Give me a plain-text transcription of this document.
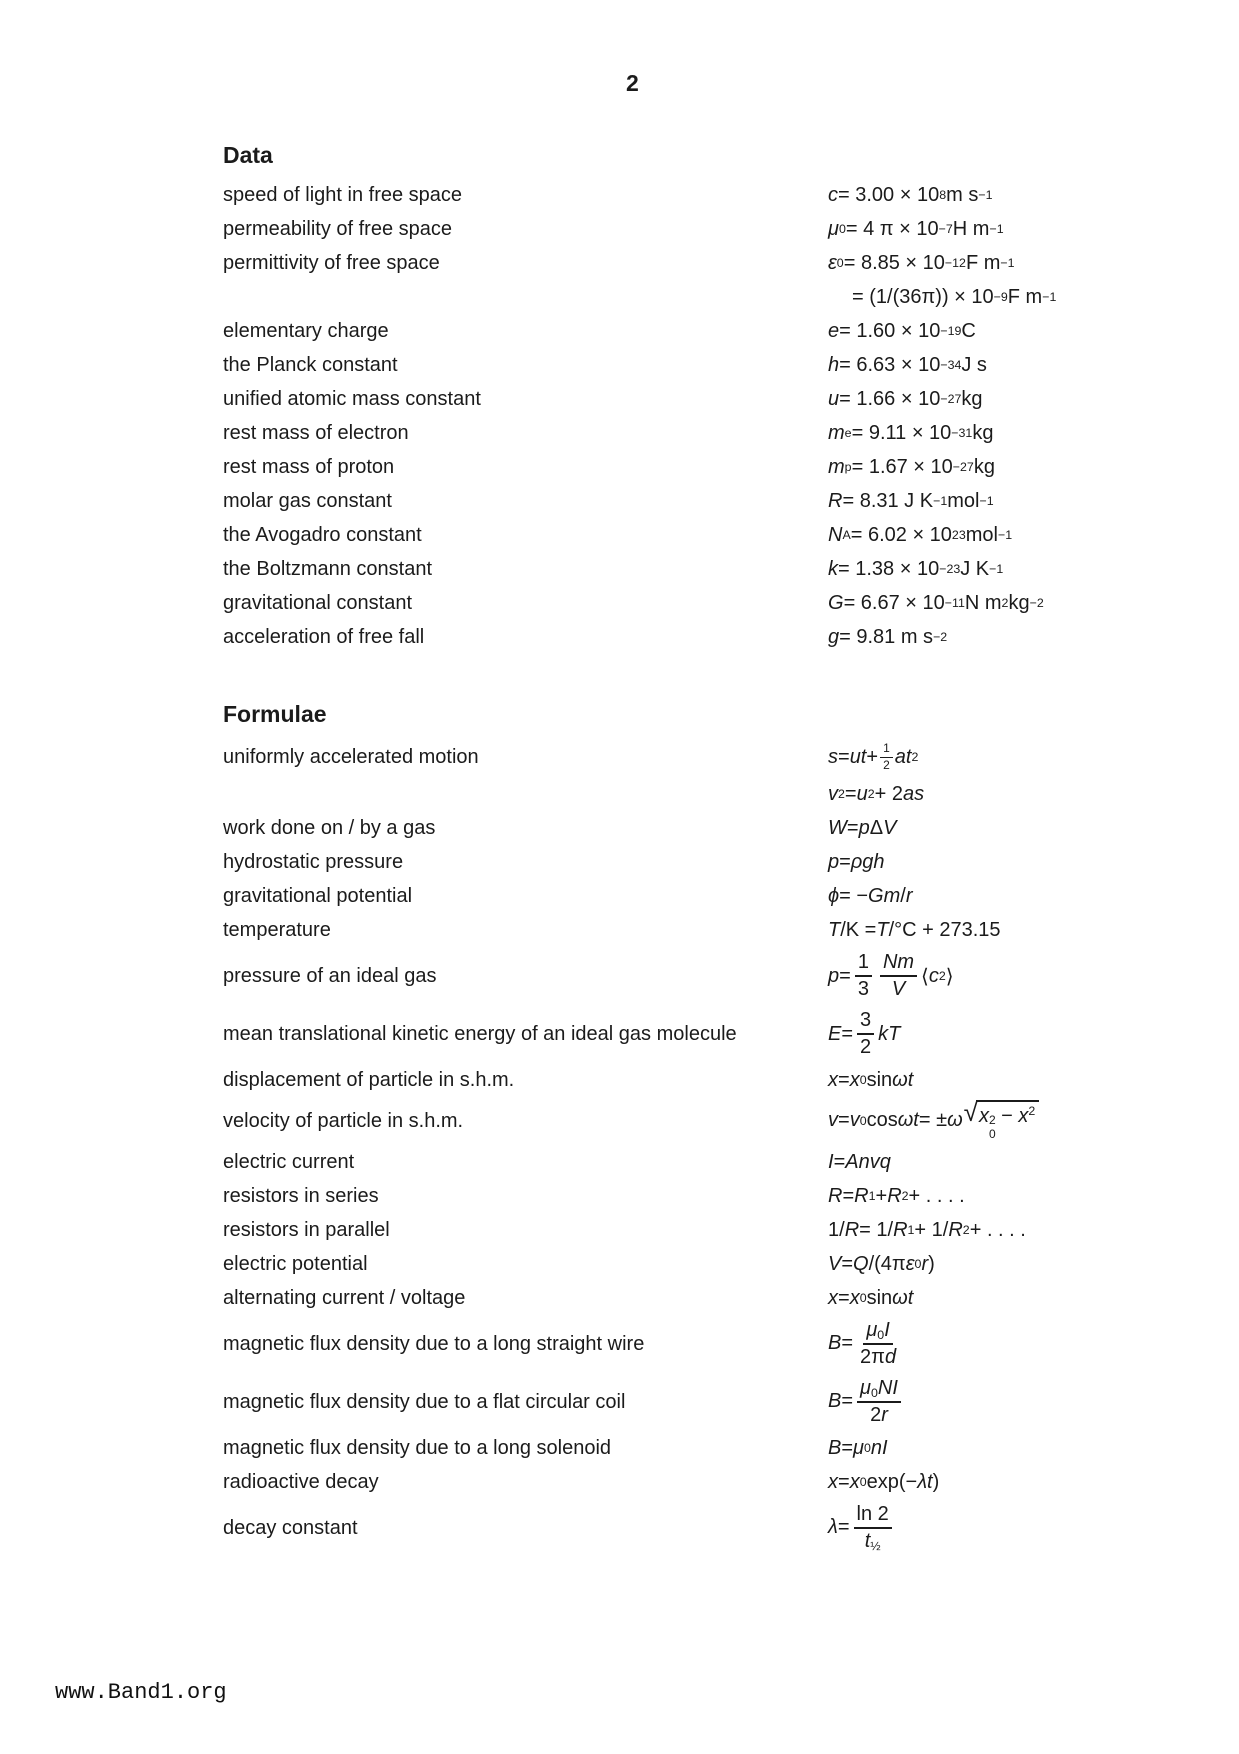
2
Data
speed of light in free space	c = 3.00 × 10 8 m s −1
permeability of free space	μ 0 = 4 π × 10 −7 H m −1
permittivity of free space	ε 0 = 8.85 × 10 −12 F m −1
= (1/(36π)) × 10 −9 F m −1
elementary charge	e = 1.60 × 10 −19 C
the Planck constant	h = 6.63 × 10 −34 J s
unified atomic mass constant	u = 1.66 × 10 −27 kg
rest mass of electron	m e = 9.11 × 10 −31 kg
rest mass of proton	m p = 1.67 × 10 −27 kg
molar gas constant	R = 8.31 J K −1 mol −1
the Avogadro constant	N A = 6.02 × 10 23 mol −1
the Boltzmann constant	k = 1.38 × 10 −23 J K −1
gravitational constant	G = 6.67 × 10 −11 N m 2 kg −2
acceleration of free fall	g = 9.81 m s −2
Formulae
uniformly accelerated motion	s = ut + $\frac{1}{2}$ at 2
v 2 = u 2 + 2 as
work done on / by a gas	W = p Δ V
hydrostatic pressure	p = ρgh
gravitational potential	ϕ = − Gm / r
temperature	T /K = T /°C + 273.15
pressure of an ideal gas	$p = \frac{1}{3} \frac{Nm}{V}$ ⟨ c 2 ⟩
mean translational kinetic energy of an ideal gas molecule	$E = \frac{3}{2}$ kT
displacement of particle in s.h.m.	x = x 0 sin ωt
velocity of particle in s.h.m.	v = v 0 cos ωt = ± ω √ x 2
0
− $x^2$
electric current	I = Anvq
resistors in series	R = R 1 + R 2 + . . . .
resistors in parallel	1/ R = 1/ R 1 + 1/ R 2 + . . . .
electric potential	V = Q /(4π ε 0 r )
alternating current / voltage	x = x 0 sin ωt
magnetic flux density due to a long straight wire	$B = \frac{\mu 0I}{2\pi d}$
magnetic flux density due to a flat circular coil	$B = \frac{\mu 0NI}{2r}$
magnetic flux density due to a long solenoid	B = μ 0 nI
radioactive decay	x = x 0 exp(− λt )
decay constant	$\lambda = \frac{\ln 2}{\text{t½}}$
www.Band1.org
